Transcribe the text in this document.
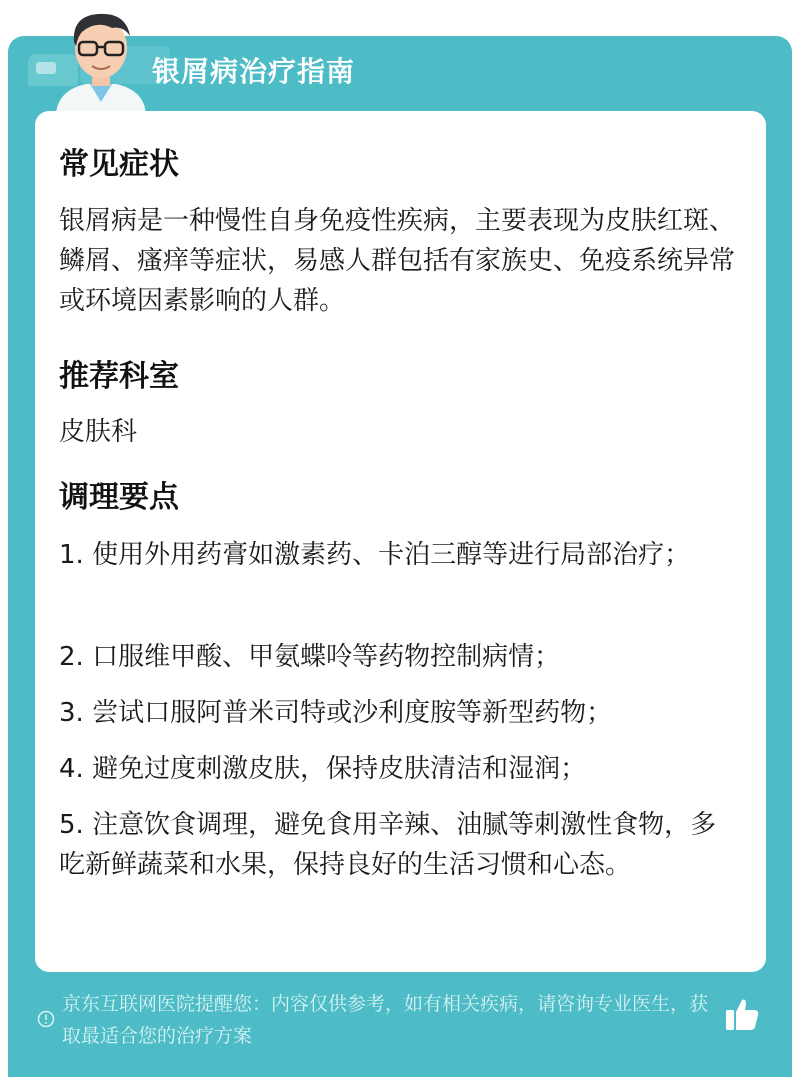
银屑病治疗指南
常见症状
银屑病是一种慢性自身免疫性疾病，主要表现为皮肤红斑、鳞屑、瘙痒等症状，易感人群包括有家族史、免疫系统异常或环境因素影响的人群。
推荐科室
皮肤科
调理要点
1. 使用外用药膏如激素药、卡泊三醇等进行局部治疗；
2. 口服维甲酸、甲氨蝶呤等药物控制病情；
3. 尝试口服阿普米司特或沙利度胺等新型药物；
4. 避免过度刺激皮肤，保持皮肤清洁和湿润；
5. 注意饮食调理，避免食用辛辣、油腻等刺激性食物，多吃新鲜蔬菜和水果，保持良好的生活习惯和心态。
京东互联网医院提醒您：内容仅供参考，如有相关疾病，请咨询专业医生，获取最适合您的治疗方案
